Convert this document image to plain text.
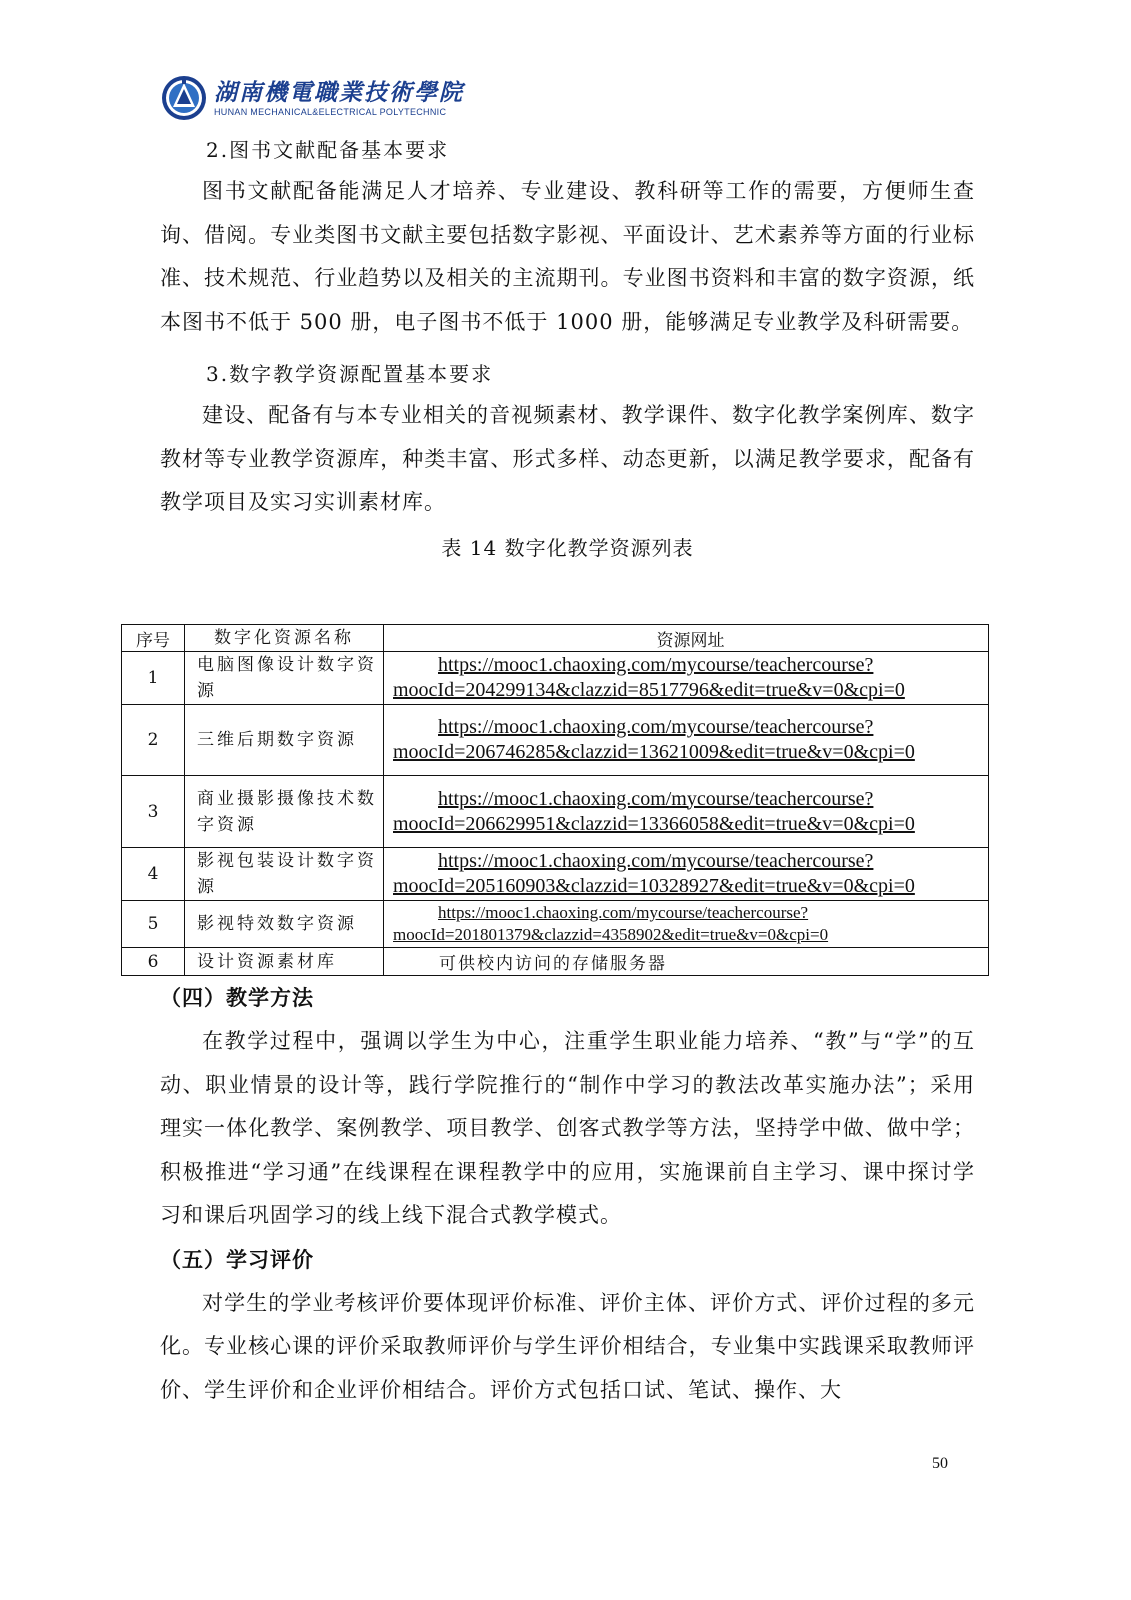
湖南機電職業技術學院
HUNAN MECHANICAL&ELECTRICAL POLYTECHNIC

2.图书文献配备基本要求

图书文献配备能满足人才培养、专业建设、教科研等工作的需要，方便师生查询、借阅。专业类图书文献主要包括数字影视、平面设计、艺术素养等方面的行业标准、技术规范、行业趋势以及相关的主流期刊。专业图书资料和丰富的数字资源，纸本图书不低于 500 册，电子图书不低于 1000 册，能够满足专业教学及科研需要。

3.数字教学资源配置基本要求

建设、配备有与本专业相关的音视频素材、教学课件、数字化教学案例库、数字教材等专业教学资源库，种类丰富、形式多样、动态更新，以满足教学要求，配备有教学项目及实习实训素材库。

表 14 数字化教学资源列表

序号	数字化资源名称	资源网址
1	电脑图像设计数字资源	https://mooc1.chaoxing.com/mycourse/teachercourse?
moocId=204299134&clazzid=8517796&edit=true&v=0&cpi=0

2	三维后期数字资源	https://mooc1.chaoxing.com/mycourse/teachercourse?
moocId=206746285&clazzid=13621009&edit=true&v=0&cpi=0

3	商业摄影摄像技术数字资源	https://mooc1.chaoxing.com/mycourse/teachercourse?
moocId=206629951&clazzid=13366058&edit=true&v=0&cpi=0

4	影视包装设计数字资源	https://mooc1.chaoxing.com/mycourse/teachercourse?
moocId=205160903&clazzid=10328927&edit=true&v=0&cpi=0

5	影视特效数字资源	https://mooc1.chaoxing.com/mycourse/teachercourse?
moocId=201801379&clazzid=4358902&edit=true&v=0&cpi=0

6	设计资源素材库	可供校内访问的存储服务器

（四）教学方法

在教学过程中，强调以学生为中心，注重学生职业能力培养、“教”与“学”的互动、职业情景的设计等，践行学院推行的“制作中学习的教法改革实施办法”；采用理实一体化教学、案例教学、项目教学、创客式教学等方法，坚持学中做、做中学；积极推进“学习通”在线课程在课程教学中的应用，实施课前自主学习、课中探讨学习和课后巩固学习的线上线下混合式教学模式。

（五）学习评价

对学生的学业考核评价要体现评价标准、评价主体、评价方式、评价过程的多元化。专业核心课的评价采取教师评价与学生评价相结合，专业集中实践课采取教师评价、学生评价和企业评价相结合。评价方式包括口试、笔试、操作、大

50
